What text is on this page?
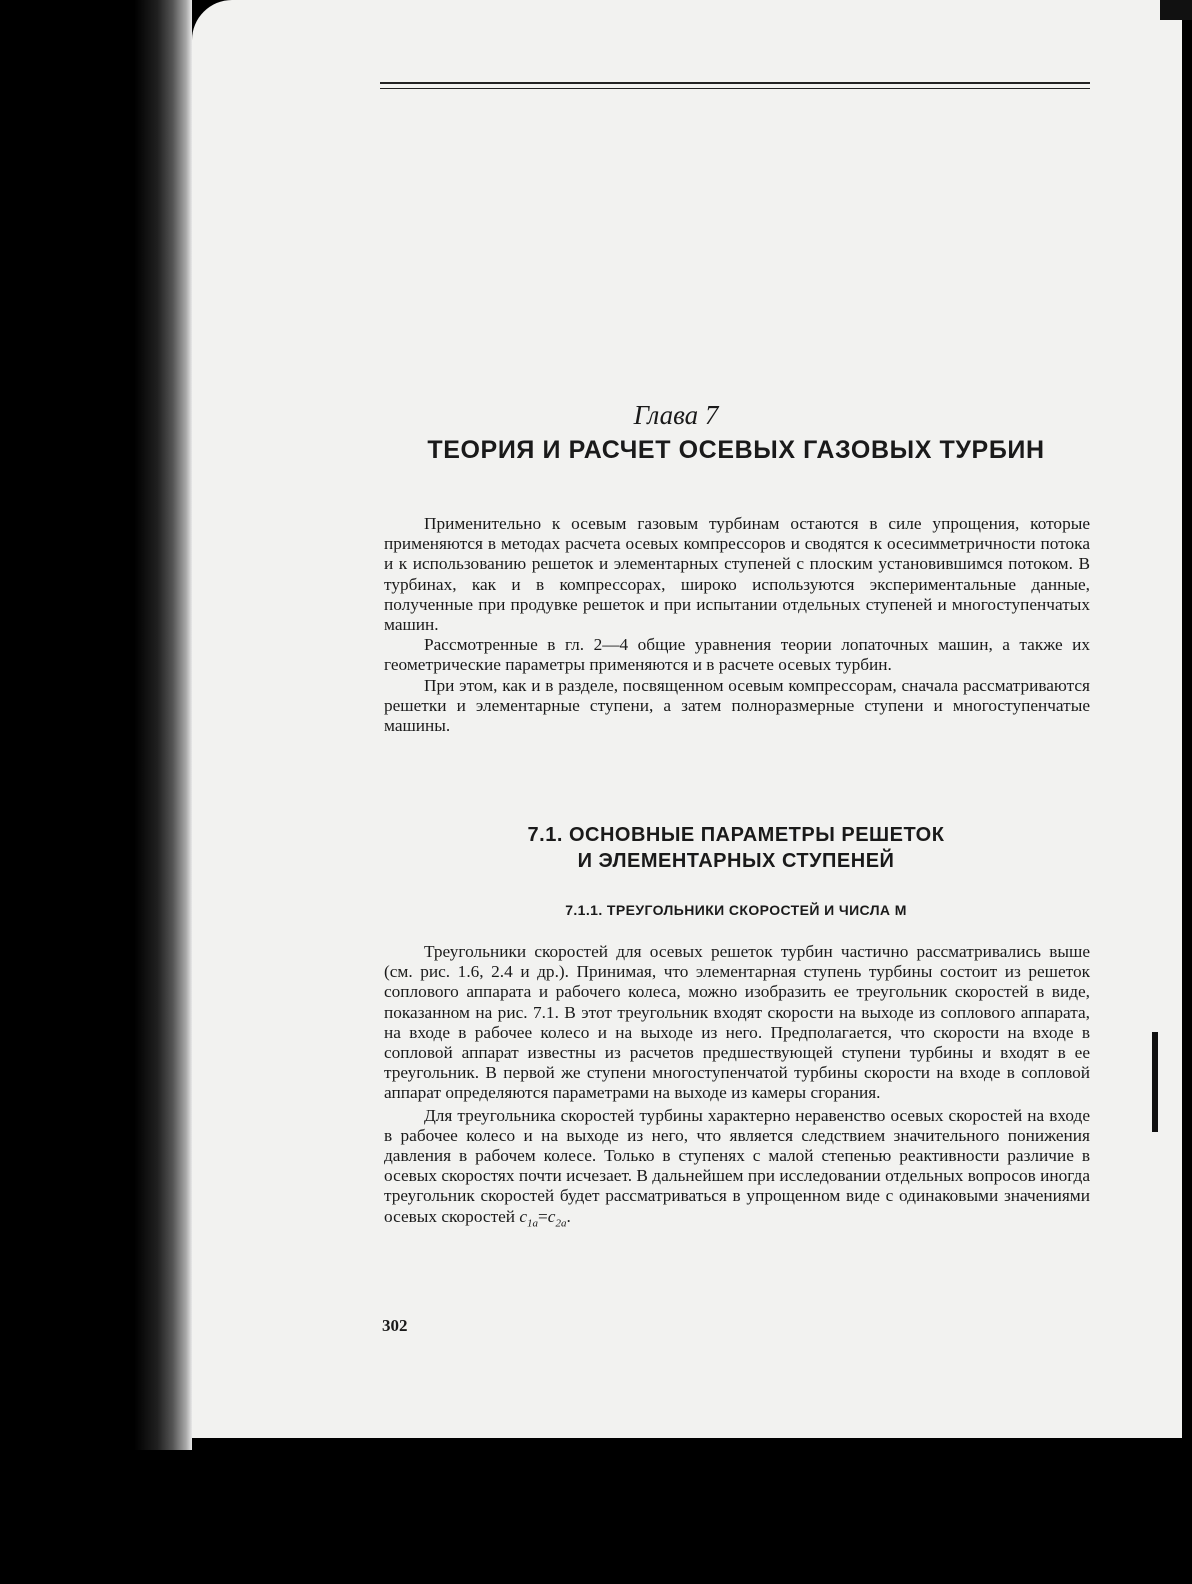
Глава 7
ТЕОРИЯ И РАСЧЕТ ОСЕВЫХ ГАЗОВЫХ ТУРБИН

Применительно к осевым газовым турбинам остаются в силе упрощения, которые применяются в методах расчета осевых компрессоров и сводятся к осесимметричности потока и к использованию решеток и элементарных ступеней с плоским установившимся потоком. В турбинах, как и в компрессорах, широко используются экспериментальные данные, полученные при продувке решеток и при испытании отдельных ступеней и многоступенчатых машин.

Рассмотренные в гл. 2—4 общие уравнения теории лопаточных машин, а также их геометрические параметры применяются и в расчете осевых турбин.

При этом, как и в разделе, посвященном осевым компрессорам, сначала рассматриваются решетки и элементарные ступени, а затем полноразмерные ступени и многоступенчатые машины.

7.1. ОСНОВНЫЕ ПАРАМЕТРЫ РЕШЕТОК
И ЭЛЕМЕНТАРНЫХ СТУПЕНЕЙ
7.1.1. ТРЕУГОЛЬНИКИ СКОРОСТЕЙ И ЧИСЛА М

Треугольники скоростей для осевых решеток турбин частично рассматривались выше (см. рис. 1.6, 2.4 и др.). Принимая, что элементарная ступень турбины состоит из решеток соплового аппарата и рабочего колеса, можно изобразить ее треугольник скоростей в виде, показанном на рис. 7.1. В этот треугольник входят скорости на выходе из соплового аппарата, на входе в рабочее колесо и на выходе из него. Предполагается, что скорости на входе в сопловой аппарат известны из расчетов предшествующей ступени турбины и входят в ее треугольник. В первой же ступени многоступенчатой турбины скорости на входе в сопловой аппарат определяются параметрами на выходе из камеры сгорания.

Для треугольника скоростей турбины характерно неравенство осевых скоростей на входе в рабочее колесо и на выходе из него, что является следствием значительного понижения давления в рабочем колесе. Только в ступенях с малой степенью реактивности различие в осевых скоростях почти исчезает. В дальнейшем при исследовании отдельных вопросов иногда треугольник скоростей будет рассматриваться в упрощенном виде с одинаковыми значениями осевых скоростей $c_{1a}=c_{2a}$.

302
